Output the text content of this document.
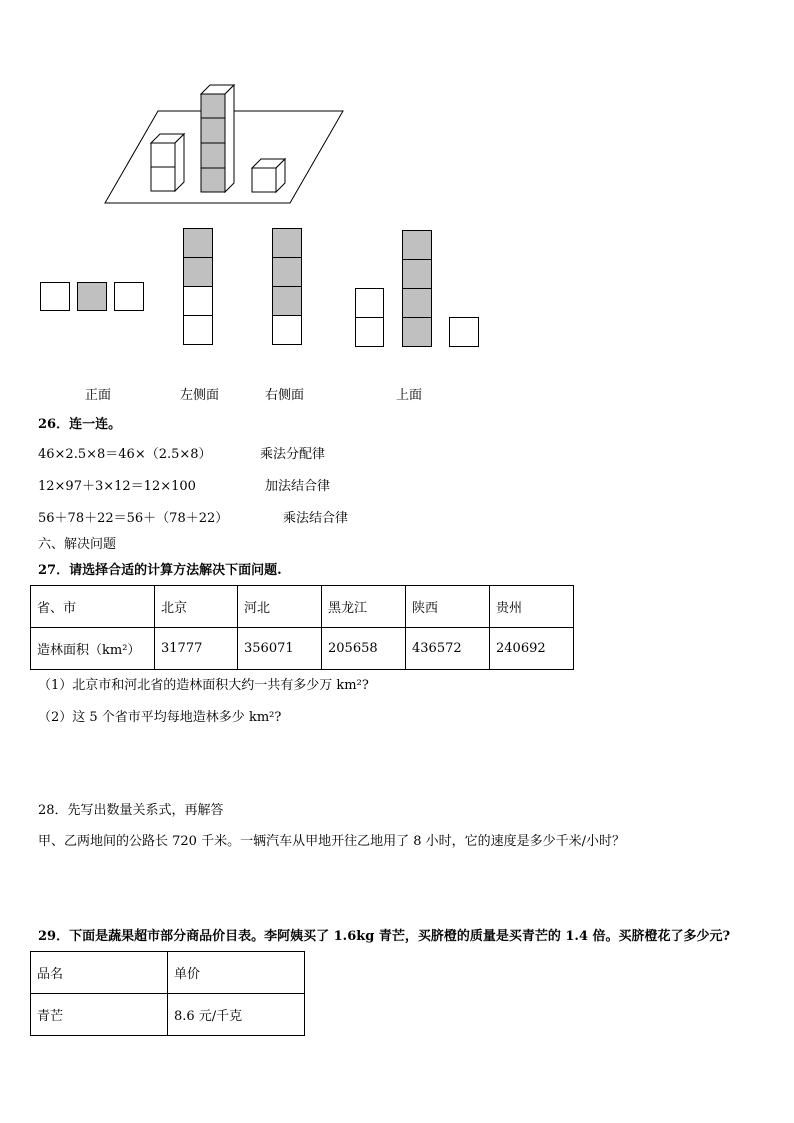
正面	左侧面	右侧面	上面
26．连一连。
46×2.5×8＝46×（2.5×8）	乘法分配律
12×97＋3×12＝12×100	加法结合律
56＋78＋22＝56＋（78＋22）	乘法结合律
六、解决问题
27．请选择合适的计算方法解决下面问题.
省、市	北京	河北	黑龙江	陕西	贵州
造林面积（km²）	31777	356071	205658	436572	240692
（1）北京市和河北省的造林面积大约一共有多少万 km²?
（2）这 5 个省市平均每地造林多少 km²?
28．先写出数量关系式，再解答
甲、乙两地间的公路长 720 千米。一辆汽车从甲地开往乙地用了 8 小时，它的速度是多少千米/小时？
29．下面是蔬果超市部分商品价目表。李阿姨买了 1.6kg 青芒，买脐橙的质量是买青芒的 1.4 倍。买脐橙花了多少元?
品名	单价
青芒	8.6 元/千克
